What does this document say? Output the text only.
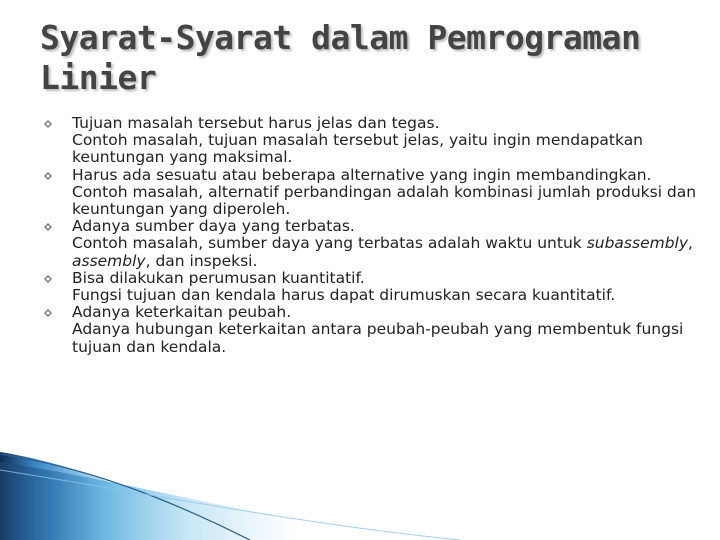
Syarat-Syarat dalam Pemrograman
Linier

Tujuan masalah tersebut harus jelas dan tegas.

Contoh masalah, tujuan masalah tersebut jelas, yaitu ingin mendapatkan keuntungan yang maksimal.

Harus ada sesuatu atau beberapa alternative yang ingin membandingkan.

Contoh masalah, alternatif perbandingan adalah kombinasi jumlah produksi dan keuntungan yang diperoleh.

Adanya sumber daya yang terbatas.

Contoh masalah, sumber daya yang terbatas adalah waktu untuk subassembly, assembly, dan inspeksi.

Bisa dilakukan perumusan kuantitatif.

Fungsi tujuan dan kendala harus dapat dirumuskan secara kuantitatif.

Adanya keterkaitan peubah.

Adanya hubungan keterkaitan antara peubah-peubah yang membentuk fungsi tujuan dan kendala.
